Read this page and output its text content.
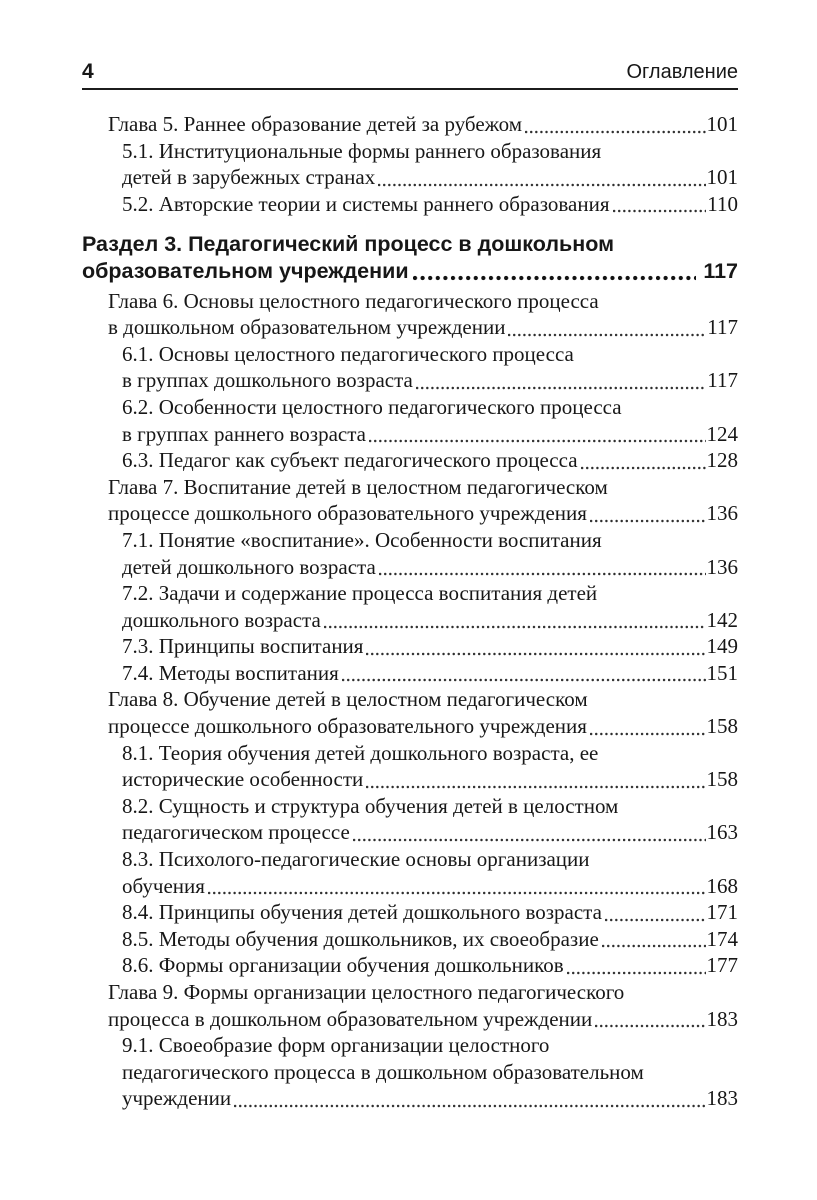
4	Оглавление
Глава 5. Раннее образование детей за рубежом	101
5.1. Институциональные формы раннего образования
детей в зарубежных странах	101
5.2. Авторские теории и системы раннего образования	110
Раздел 3. Педагогический процесс в дошкольном
образовательном учреждении	117
Глава 6. Основы целостного педагогического процесса
в дошкольном образовательном учреждении	117
6.1. Основы целостного педагогического процесса
в группах дошкольного возраста	117
6.2. Особенности целостного педагогического процесса
в группах раннего возраста	124
6.3. Педагог как субъект педагогического процесса	128
Глава 7. Воспитание детей в целостном педагогическом
процессе дошкольного образовательного учреждения	136
7.1. Понятие «воспитание». Особенности воспитания
детей дошкольного возраста	136
7.2. Задачи и содержание процесса воспитания детей
дошкольного возраста	142
7.3. Принципы воспитания	149
7.4. Методы воспитания	151
Глава 8. Обучение детей в целостном педагогическом
процессе дошкольного образовательного учреждения	158
8.1. Теория обучения детей дошкольного возраста, ее
исторические особенности	158
8.2. Сущность и структура обучения детей в целостном
педагогическом процессе	163
8.3. Психолого-педагогические основы организации
обучения	168
8.4. Принципы обучения детей дошкольного возраста	171
8.5. Методы обучения дошкольников, их своеобразие	174
8.6. Формы организации обучения дошкольников	177
Глава 9. Формы организации целостного педагогического
процесса в дошкольном образовательном учреждении	183
9.1. Своеобразие форм организации целостного
педагогического процесса в дошкольном образовательном
учреждении	183
